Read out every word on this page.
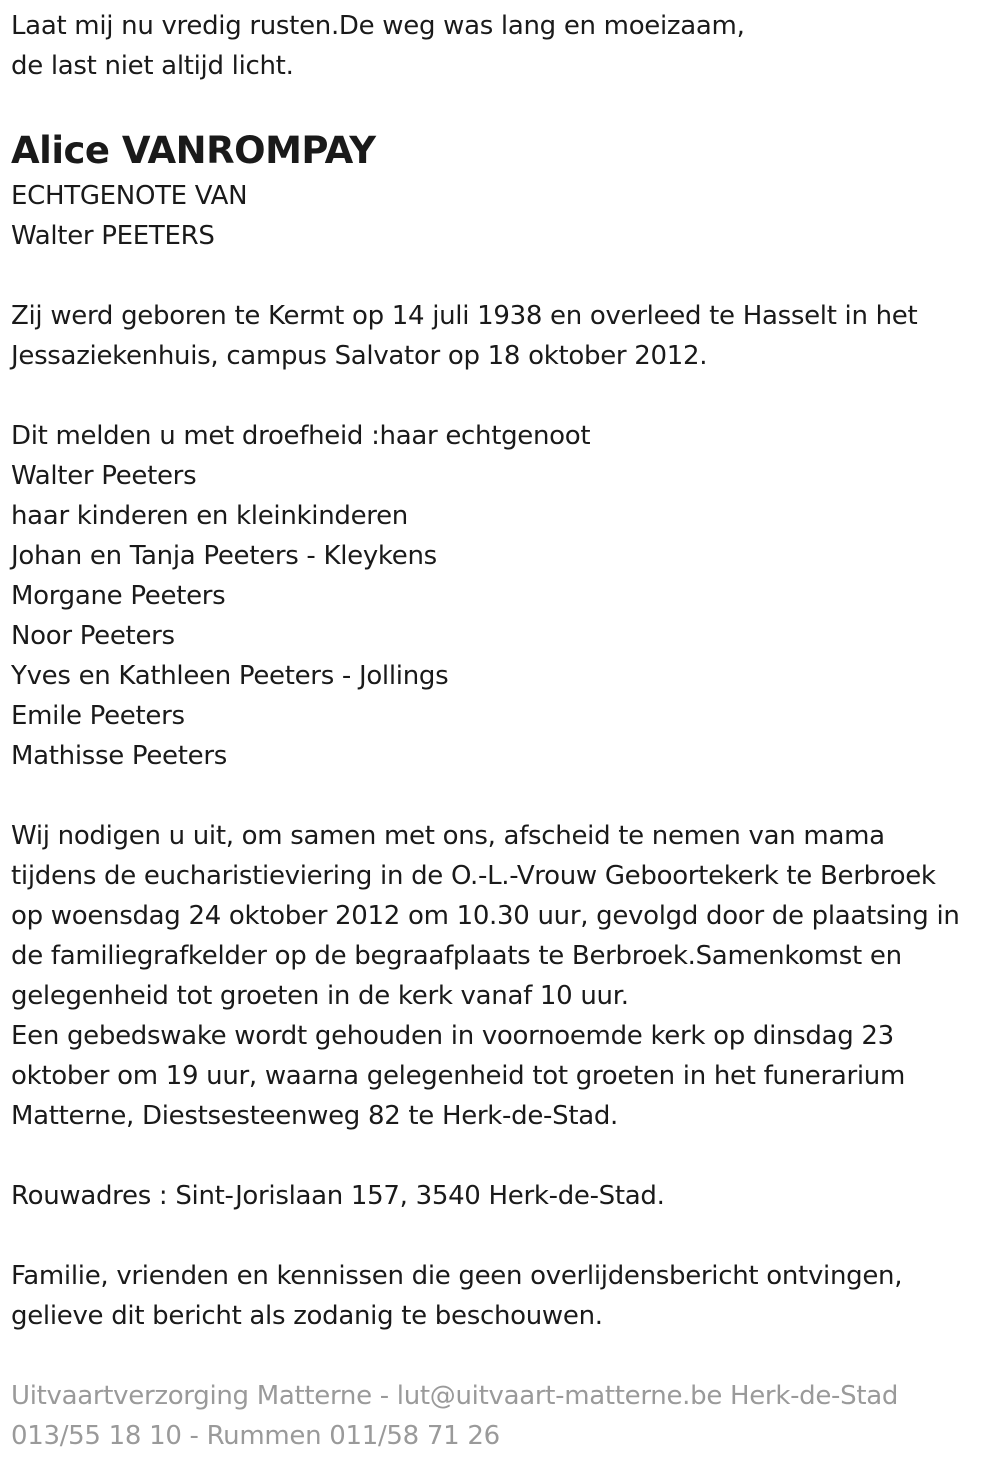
Laat mij nu vredig rusten.De weg was lang en moeizaam,
de last niet altijd licht.
Alice VANROMPAY
ECHTGENOTE VAN
Walter PEETERS
Zij werd geboren te Kermt op 14 juli 1938 en overleed te Hasselt in het
Jessaziekenhuis, campus Salvator op 18 oktober 2012.
Dit melden u met droefheid :haar echtgenoot
Walter Peeters
haar kinderen en kleinkinderen
Johan en Tanja Peeters - Kleykens
Morgane Peeters
Noor Peeters
Yves en Kathleen Peeters - Jollings
Emile Peeters
Mathisse Peeters
Wij nodigen u uit, om samen met ons, afscheid te nemen van mama
tijdens de eucharistieviering in de O.-L.-Vrouw Geboortekerk te Berbroek
op woensdag 24 oktober 2012 om 10.30 uur, gevolgd door de plaatsing in
de familiegrafkelder op de begraafplaats te Berbroek.Samenkomst en
gelegenheid tot groeten in de kerk vanaf 10 uur.
Een gebedswake wordt gehouden in voornoemde kerk op dinsdag 23
oktober om 19 uur, waarna gelegenheid tot groeten in het funerarium
Matterne, Diestsesteenweg 82 te Herk-de-Stad.
Rouwadres : Sint-Jorislaan 157, 3540 Herk-de-Stad.
Familie, vrienden en kennissen die geen overlijdensbericht ontvingen,
gelieve dit bericht als zodanig te beschouwen.
Uitvaartverzorging Matterne - lut@uitvaart-matterne.be Herk-de-Stad
013/55 18 10 - Rummen 011/58 71 26
